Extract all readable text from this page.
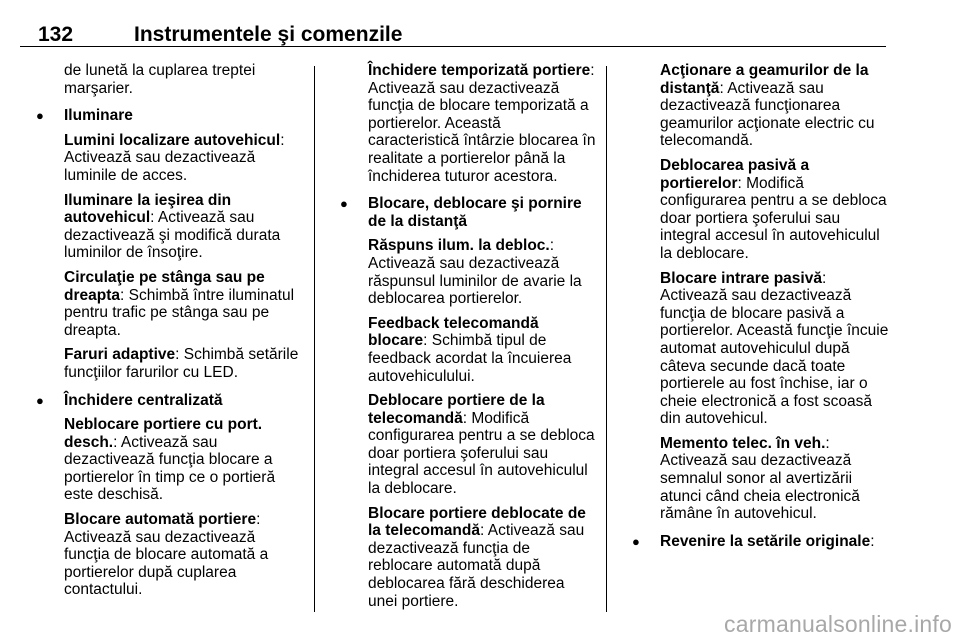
132	Instrumentele şi comenzile
de lunetă la cuplarea treptei marşarier.
● Iluminare
Lumini localizare autovehicul: Activează sau dezactivează luminile de acces.
Iluminare la ieşirea din autovehicul: Activează sau dezactivează şi modifică durata luminilor de însoţire.
Circulaţie pe stânga sau pe dreapta: Schimbă între iluminatul pentru trafic pe stânga sau pe dreapta.
Faruri adaptive: Schimbă setările funcţiilor farurilor cu LED.
● Închidere centralizată
Neblocare portiere cu port. desch.: Activează sau dezactivează funcţia blocare a portierelor în timp ce o portieră este deschisă.
Blocare automată portiere: Activează sau dezactivează funcţia de blocare automată a portierelor după cuplarea contactului.
Închidere temporizată portiere: Activează sau dezactivează funcţia de blocare temporizată a portierelor. Această caracteristică întârzie blocarea în realitate a portierelor până la închiderea tuturor acestora.
● Blocare, deblocare şi pornire de la distanţă
Răspuns ilum. la debloc.: Activează sau dezactivează răspunsul luminilor de avarie la deblocarea portierelor.
Feedback telecomandă blocare: Schimbă tipul de feedback acordat la încuierea autovehiculului.
Deblocare portiere de la telecomandă: Modifică configurarea pentru a se debloca doar portiera şoferului sau integral accesul în autovehiculul la deblocare.
Blocare portiere deblocate de la telecomandă: Activează sau dezactivează funcţia de reblocare automată după deblocarea fără deschiderea unei portiere.
Acţionare a geamurilor de la distanţă: Activează sau dezactivează funcţionarea geamurilor acţionate electric cu telecomandă.
Deblocarea pasivă a portierelor: Modifică configurarea pentru a se debloca doar portiera şoferului sau integral accesul în autovehiculul la deblocare.
Blocare intrare pasivă: Activează sau dezactivează funcţia de blocare pasivă a portierelor. Această funcţie încuie automat autovehiculul după câteva secunde dacă toate portierele au fost închise, iar o cheie electronică a fost scoasă din autovehicul.
Memento telec. în veh.: Activează sau dezactivează semnalul sonor al avertizării atunci când cheia electronică rămâne în autovehicul.
● Revenire la setările originale:
carmanualsonline.info
